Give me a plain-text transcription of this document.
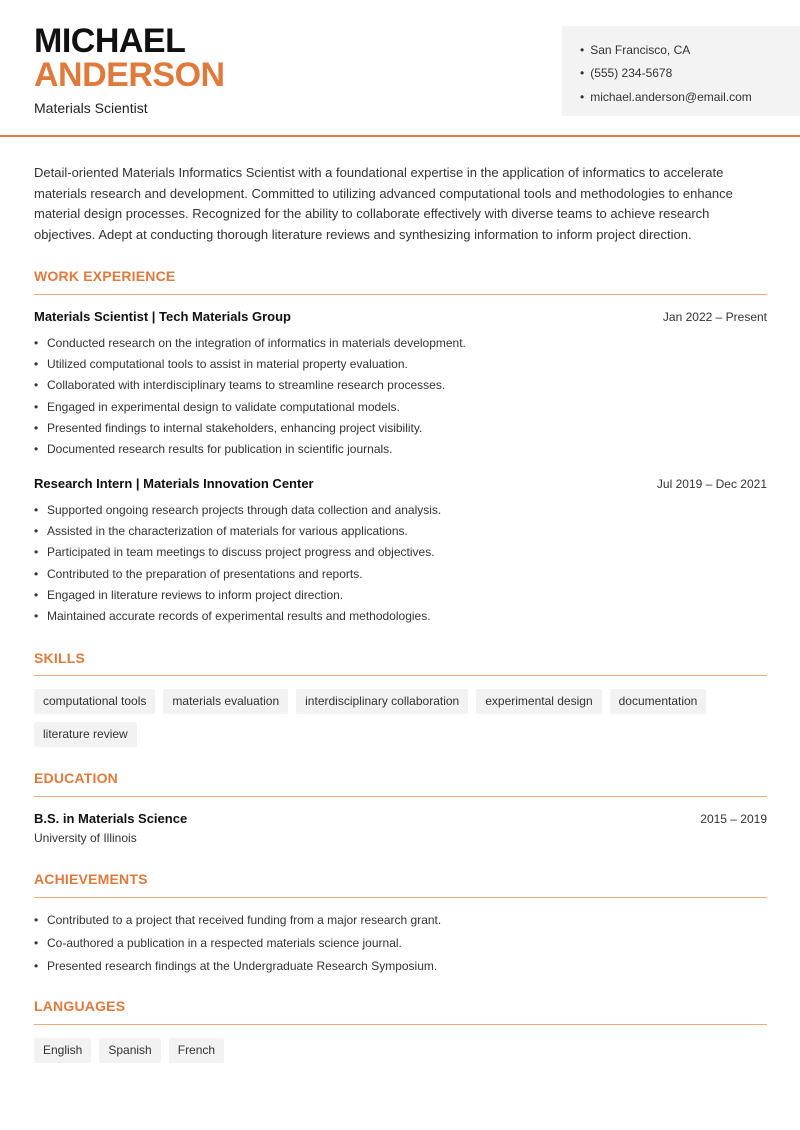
MICHAEL
ANDERSON
Materials Scientist
• San Francisco, CA
• (555) 234-5678
• michael.anderson@email.com

Detail-oriented Materials Informatics Scientist with a foundational expertise in the application of informatics to accelerate materials research and development. Committed to utilizing advanced computational tools and methodologies to enhance material design processes. Recognized for the ability to collaborate effectively with diverse teams to achieve research objectives. Adept at conducting thorough literature reviews and synthesizing information to inform project direction.

WORK EXPERIENCE
Materials Scientist | Tech Materials Group	Jan 2022 – Present
• Conducted research on the integration of informatics in materials development.
• Utilized computational tools to assist in material property evaluation.
• Collaborated with interdisciplinary teams to streamline research processes.
• Engaged in experimental design to validate computational models.
• Presented findings to internal stakeholders, enhancing project visibility.
• Documented research results for publication in scientific journals.
Research Intern | Materials Innovation Center	Jul 2019 – Dec 2021
• Supported ongoing research projects through data collection and analysis.
• Assisted in the characterization of materials for various applications.
• Participated in team meetings to discuss project progress and objectives.
• Contributed to the preparation of presentations and reports.
• Engaged in literature reviews to inform project direction.
• Maintained accurate records of experimental results and methodologies.
SKILLS
computational tools	materials evaluation	interdisciplinary collaboration	experimental design	documentation
literature review
EDUCATION
B.S. in Materials Science	2015 – 2019
University of Illinois
ACHIEVEMENTS
• Contributed to a project that received funding from a major research grant.
• Co-authored a publication in a respected materials science journal.
• Presented research findings at the Undergraduate Research Symposium.
LANGUAGES
English	Spanish	French
